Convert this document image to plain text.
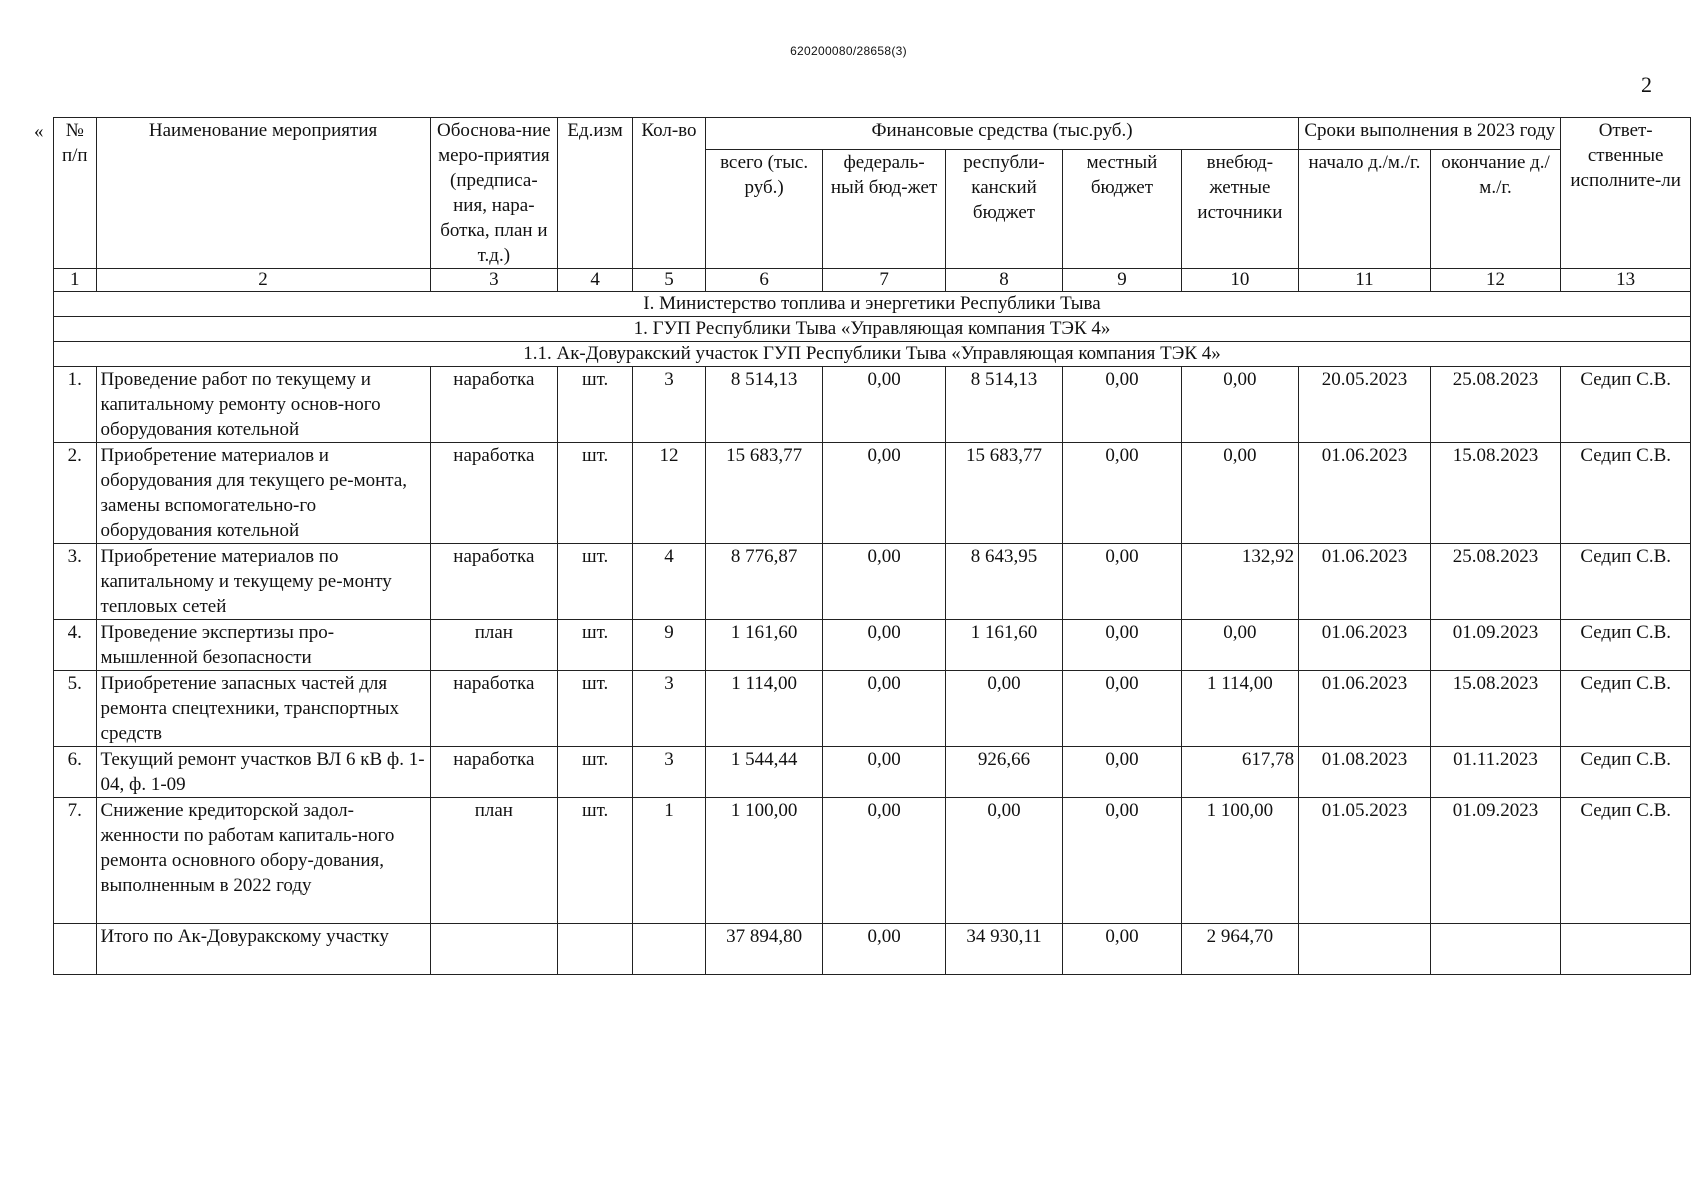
620200080/28658(3)
2
« № п/п	Наименование мероприятия	Обоснова-ние меро-приятия (предписа-ния, нара-ботка, план и т.д.)	Ед.изм	Кол-во	Финансовые средства (тыс.руб.)					Сроки выполнения в 2023 году		Ответ-ственные исполните-ли
					всего (тыс. руб.)	федераль-ный бюд-жет	республи-канский бюджет	местный бюджет	внебюд-жетные источники	начало д./м./г.	окончание д./м./г.	
1	2	3	4	5	6	7	8	9	10	11	12	13
I. Министерство топлива и энергетики Республики Тыва												
1. ГУП Республики Тыва «Управляющая компания ТЭК 4»												
1.1. Ак-Довуракский участок ГУП Республики Тыва «Управляющая компания ТЭК 4»												
1.	Проведение работ по текущему и капитальному ремонту основ-ного оборудования котельной	наработка	шт.	3	8 514,13	0,00	8 514,13	0,00	0,00	20.05.2023	25.08.2023	Седип С.В.
2.	Приобретение материалов и оборудования для текущего ре-монта, замены вспомогательно-го оборудования котельной	наработка	шт.	12	15 683,77	0,00	15 683,77	0,00	0,00	01.06.2023	15.08.2023	Седип С.В.
3.	Приобретение материалов по капитальному и текущему ре-монту тепловых сетей	наработка	шт.	4	8 776,87	0,00	8 643,95	0,00	132,92	01.06.2023	25.08.2023	Седип С.В.
4.	Проведение экспертизы про-мышленной безопасности	план	шт.	9	1 161,60	0,00	1 161,60	0,00	0,00	01.06.2023	01.09.2023	Седип С.В.
5.	Приобретение запасных частей для ремонта спецтехники, транспортных средств	наработка	шт.	3	1 114,00	0,00	0,00	0,00	1 114,00	01.06.2023	15.08.2023	Седип С.В.
6.	Текущий ремонт участков ВЛ 6 кВ ф. 1-04, ф. 1-09	наработка	шт.	3	1 544,44	0,00	926,66	0,00	617,78	01.08.2023	01.11.2023	Седип С.В.
7.	Снижение кредиторской задол-женности по работам капиталь-ного ремонта основного обору-дования, выполненным в 2022 году	план	шт.	1	1 100,00	0,00	0,00	0,00	1 100,00	01.05.2023	01.09.2023	Седип С.В.
	Итого по Ак-Довуракскому участку				37 894,80	0,00	34 930,11	0,00	2 964,70			
